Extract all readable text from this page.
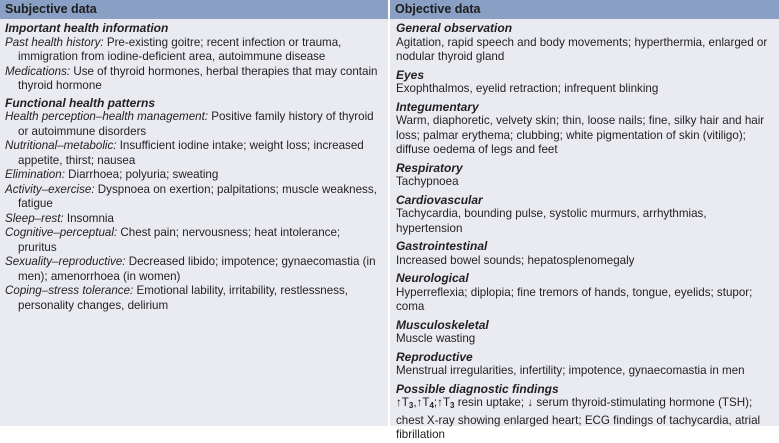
Subjective data	Objective data
Important health information
Past health history: Pre-existing goitre; recent infection or trauma, immigration from iodine-deficient area, autoimmune disease
Medications: Use of thyroid hormones, herbal therapies that may contain thyroid hormone
Functional health patterns
Health perception–health management: Positive family history of thyroid or autoimmune disorders
Nutritional–metabolic: Insufficient iodine intake; weight loss; increased appetite, thirst; nausea
Elimination: Diarrhoea; polyuria; sweating
Activity–exercise: Dyspnoea on exertion; palpitations; muscle weakness, fatigue
Sleep–rest: Insomnia
Cognitive–perceptual: Chest pain; nervousness; heat intolerance; pruritus
Sexuality–reproductive: Decreased libido; impotence; gynaecomastia (in men); amenorrhoea (in women)
Coping–stress tolerance: Emotional lability, irritability, restlessness, personality changes, delirium
General observation
Agitation, rapid speech and body movements; hyperthermia, enlarged or nodular thyroid gland
Eyes
Exophthalmos, eyelid retraction; infrequent blinking
Integumentary
Warm, diaphoretic, velvety skin; thin, loose nails; fine, silky hair and hair loss; palmar erythema; clubbing; white pigmentation of skin (vitiligo); diffuse oedema of legs and feet
Respiratory
Tachypnoea
Cardiovascular
Tachycardia, bounding pulse, systolic murmurs, arrhythmias, hypertension
Gastrointestinal
Increased bowel sounds; hepatosplenomegaly
Neurological
Hyperreflexia; diplopia; fine tremors of hands, tongue, eyelids; stupor; coma
Musculoskeletal
Muscle wasting
Reproductive
Menstrual irregularities, infertility; impotence, gynaecomastia in men
Possible diagnostic findings
$↑T_3,↑T_4;↑T_3$ resin uptake; ↓ serum thyroid-stimulating hormone (TSH); chest X-ray showing enlarged heart; ECG findings of tachycardia, atrial fibrillation
